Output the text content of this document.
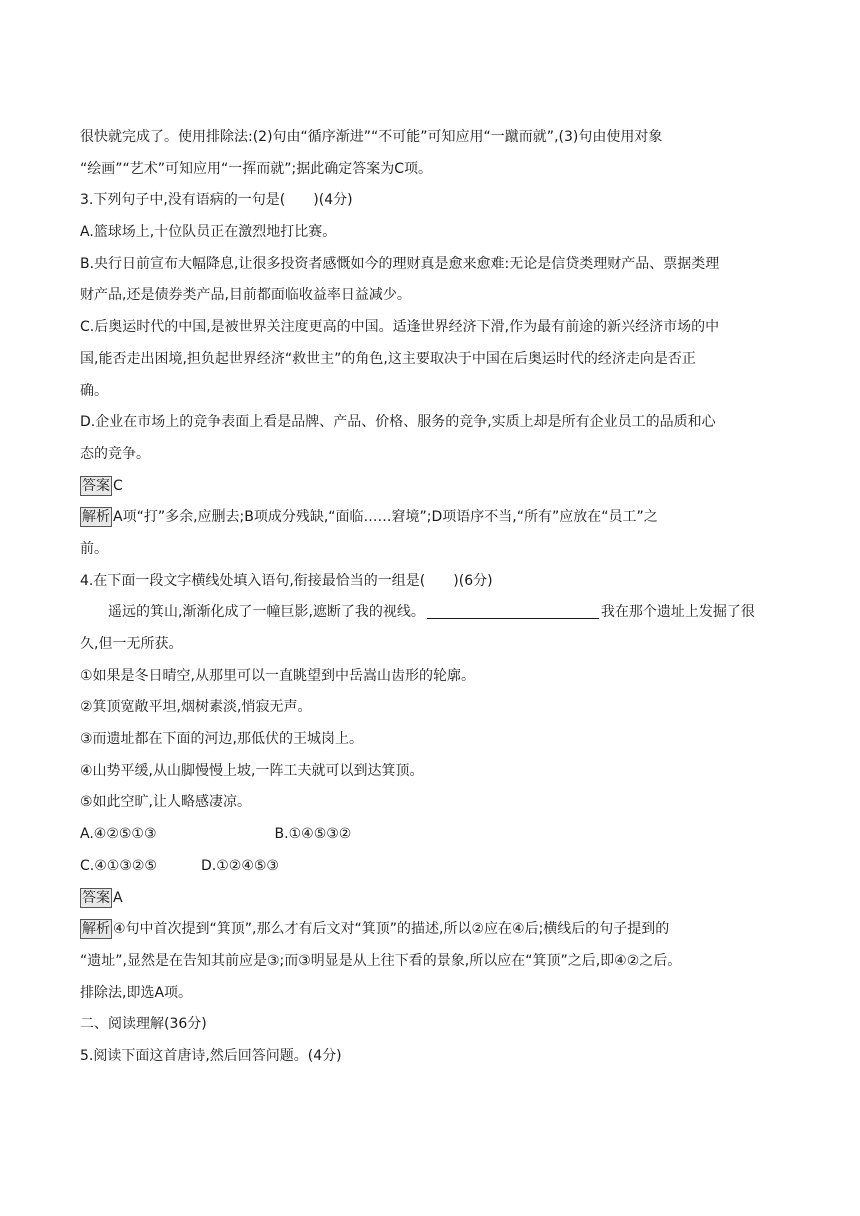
很快就完成了。使用排除法:(2)句由“循序渐进”“不可能”可知应用“一蹴而就”,(3)句由使用对象
“绘画”“艺术”可知应用“一挥而就”;据此确定答案为C项。
3.下列句子中,没有语病的一句是(　　)(4分)
A.篮球场上,十位队员正在激烈地打比赛。
B.央行日前宣布大幅降息,让很多投资者感慨如今的理财真是愈来愈难:无论是信贷类理财产品、票据类理
财产品,还是债券类产品,目前都面临收益率日益减少。
C.后奥运时代的中国,是被世界关注度更高的中国。适逢世界经济下滑,作为最有前途的新兴经济市场的中
国,能否走出困境,担负起世界经济“救世主”的角色,这主要取决于中国在后奥运时代的经济走向是否正
确。
D.企业在市场上的竞争表面上看是品牌、产品、价格、服务的竞争,实质上却是所有企业员工的品质和心
态的竞争。
答案 C
解析 A项“打”多余,应删去;B项成分残缺,“面临……窘境”;D项语序不当,“所有”应放在“员工”之
前。
4.在下面一段文字横线处填入语句,衔接最恰当的一组是(　　)(6分)
遥远的箕山,渐渐化成了一幢巨影,遮断了我的视线。	我在那个遗址上发掘了很
久,但一无所获。
①如果是冬日晴空,从那里可以一直眺望到中岳嵩山齿形的轮廓。
②箕顶宽敞平坦,烟树素淡,悄寂无声。
③而遗址都在下面的河边,那低伏的王城岗上。
④山势平缓,从山脚慢慢上坡,一阵工夫就可以到达箕顶。
⑤如此空旷,让人略感凄凉。
A.④②⑤①③	B.①④⑤③②
C.④①③②⑤	D.①②④⑤③
答案 A
解析 ④句中首次提到“箕顶”,那么才有后文对“箕顶”的描述,所以②应在④后;横线后的句子提到的
“遗址”,显然是在告知其前应是③;而③明显是从上往下看的景象,所以应在“箕顶”之后,即④②之后。
排除法,即选A项。
二、阅读理解(36分)
5.阅读下面这首唐诗,然后回答问题。(4分)
